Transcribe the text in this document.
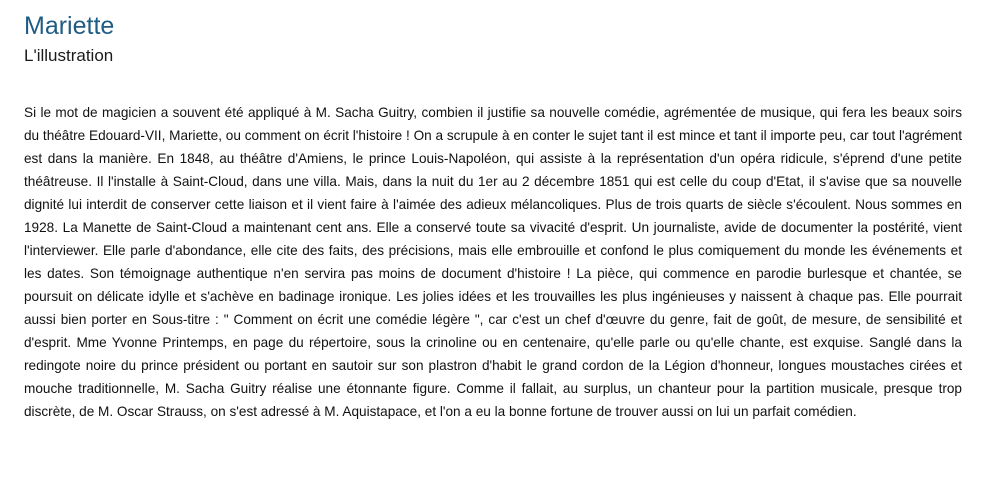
Mariette
L'illustration

Si le mot de magicien a souvent été appliqué à M. Sacha Guitry, combien il justifie sa nouvelle comédie, agrémentée de musique, qui fera les beaux soirs du théâtre Edouard-VII, Mariette, ou comment on écrit l'histoire ! On a scrupule à en conter le sujet tant il est mince et tant il importe peu, car tout l'agrément est dans la manière. En 1848, au théâtre d'Amiens, le prince Louis-Napoléon, qui assiste à la représentation d'un opéra ridicule, s'éprend d'une petite théâtreuse. Il l'installe à Saint-Cloud, dans une villa. Mais, dans la nuit du 1er au 2 décembre 1851 qui est celle du coup d'Etat, il s'avise que sa nouvelle dignité lui interdit de conserver cette liaison et il vient faire à l'aimée des adieux mélancoliques. Plus de trois quarts de siècle s'écoulent. Nous sommes en 1928. La Manette de Saint-Cloud a maintenant cent ans. Elle a conservé toute sa vivacité d'esprit. Un journaliste, avide de documenter la postérité, vient l'interviewer. Elle parle d'abondance, elle cite des faits, des précisions, mais elle embrouille et confond le plus comiquement du monde les événements et les dates. Son témoignage authentique n'en servira pas moins de document d'histoire ! La pièce, qui commence en parodie burlesque et chantée, se poursuit on délicate idylle et s'achève en badinage ironique. Les jolies idées et les trouvailles les plus ingénieuses y naissent à chaque pas. Elle pourrait aussi bien porter en Sous-titre : " Comment on écrit une comédie légère ", car c'est un chef d'œuvre du genre, fait de goût, de mesure, de sensibilité et d'esprit. Mme Yvonne Printemps, en page du répertoire, sous la crinoline ou en centenaire, qu'elle parle ou qu'elle chante, est exquise. Sanglé dans la redingote noire du prince président ou portant en sautoir sur son plastron d'habit le grand cordon de la Légion d'honneur, longues moustaches cirées et mouche traditionnelle, M. Sacha Guitry réalise une étonnante figure. Comme il fallait, au surplus, un chanteur pour la partition musicale, presque trop discrète, de M. Oscar Strauss, on s'est adressé à M. Aquistapace, et l'on a eu la bonne fortune de trouver aussi on lui un parfait comédien.
